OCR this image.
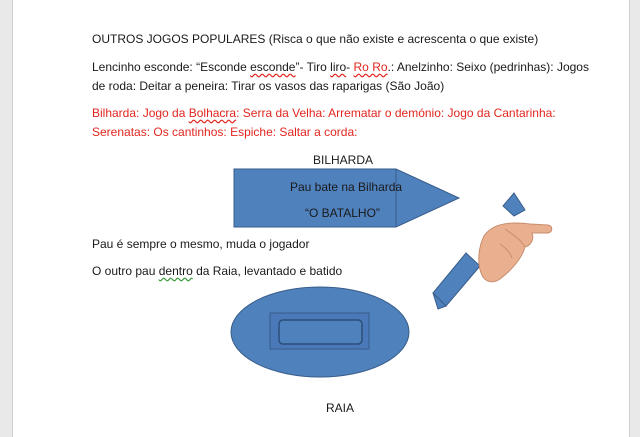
OUTROS JOGOS POPULARES (Risca o que não existe e acrescenta o que existe)
Lencinho esconde: “Esconde esconde”- Tiro liro- Ro Ro.: Anelzinho: Seixo (pedrinhas): Jogos
de roda: Deitar a peneira: Tirar os vasos das raparigas (São João)
Bilharda: Jogo da Bolhacra: Serra da Velha: Arrematar o demónio: Jogo da Cantarinha:
Serenatas: Os cantinhos: Espiche: Saltar a corda:
BILHARDA
Pau bate na Bilharda
“O BATALHO”
Pau é sempre o mesmo, muda o jogador
O outro pau dentro da Raia, levantado e batido
RAIA
